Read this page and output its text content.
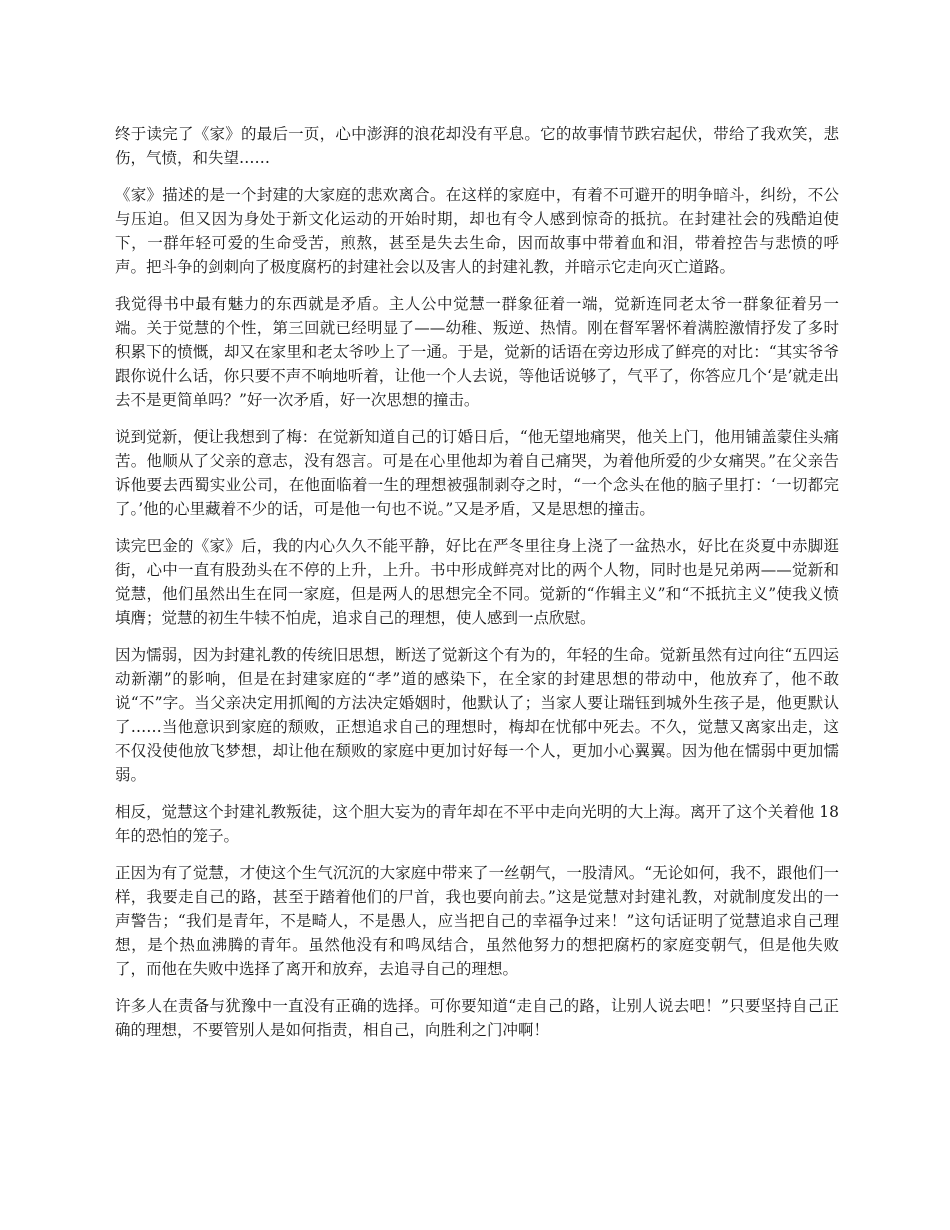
终于读完了《家》的最后一页，心中澎湃的浪花却没有平息。它的故事情节跌宕起伏，带给了我欢笑，悲伤，气愤，和失望……

《家》描述的是一个封建的大家庭的悲欢离合。在这样的家庭中，有着不可避开的明争暗斗，纠纷，不公与压迫。但又因为身处于新文化运动的开始时期，却也有令人感到惊奇的抵抗。在封建社会的残酷迫使下，一群年轻可爱的生命受苦，煎熬，甚至是失去生命，因而故事中带着血和泪，带着控告与悲愤的呼声。把斗争的剑刺向了极度腐朽的封建社会以及害人的封建礼教，并暗示它走向灭亡道路。

我觉得书中最有魅力的东西就是矛盾。主人公中觉慧一群象征着一端，觉新连同老太爷一群象征着另一端。关于觉慧的个性，第三回就已经明显了——幼稚、叛逆、热情。刚在督军署怀着满腔激情抒发了多时积累下的愤慨，却又在家里和老太爷吵上了一通。于是，觉新的话语在旁边形成了鲜亮的对比：“其实爷爷跟你说什么话，你只要不声不响地听着，让他一个人去说，等他话说够了，气平了，你答应几个‘是’就走出去不是更简单吗？”好一次矛盾，好一次思想的撞击。

说到觉新，便让我想到了梅：在觉新知道自己的订婚日后，“他无望地痛哭，他关上门，他用铺盖蒙住头痛苦。他顺从了父亲的意志，没有怨言。可是在心里他却为着自己痛哭，为着他所爱的少女痛哭。”在父亲告诉他要去西蜀实业公司，在他面临着一生的理想被强制剥夺之时，“一个念头在他的脑子里打：‘一切都完了。’他的心里藏着不少的话，可是他一句也不说。”又是矛盾，又是思想的撞击。

读完巴金的《家》后，我的内心久久不能平静，好比在严冬里往身上浇了一盆热水，好比在炎夏中赤脚逛街，心中一直有股劲头在不停的上升，上升。书中形成鲜亮对比的两个人物，同时也是兄弟两——觉新和觉慧，他们虽然出生在同一家庭，但是两人的思想完全不同。觉新的“作辑主义”和“不抵抗主义”使我义愤填膺；觉慧的初生牛犊不怕虎，追求自己的理想，使人感到一点欣慰。

因为懦弱，因为封建礼教的传统旧思想，断送了觉新这个有为的，年轻的生命。觉新虽然有过向往“五四运动新潮”的影响，但是在封建家庭的“孝”道的感染下，在全家的封建思想的带动中，他放弃了，他不敢说“不”字。当父亲决定用抓阄的方法决定婚姻时，他默认了；当家人要让瑞钰到城外生孩子是，他更默认了……当他意识到家庭的颓败，正想追求自己的理想时，梅却在忧郁中死去。不久，觉慧又离家出走，这不仅没使他放飞梦想，却让他在颓败的家庭中更加讨好每一个人，更加小心翼翼。因为他在懦弱中更加懦弱。

相反，觉慧这个封建礼教叛徒，这个胆大妄为的青年却在不平中走向光明的大上海。离开了这个关着他 18 年的恐怕的笼子。

正因为有了觉慧，才使这个生气沉沉的大家庭中带来了一丝朝气，一股清风。“无论如何，我不，跟他们一样，我要走自己的路，甚至于踏着他们的尸首，我也要向前去。”这是觉慧对封建礼教，对就制度发出的一声警告；“我们是青年，不是畸人，不是愚人，应当把自己的幸福争过来！”这句话证明了觉慧追求自己理想，是个热血沸腾的青年。虽然他没有和鸣凤结合，虽然他努力的想把腐朽的家庭变朝气，但是他失败了，而他在失败中选择了离开和放弃，去追寻自己的理想。

许多人在责备与犹豫中一直没有正确的选择。可你要知道“走自己的路，让别人说去吧！”只要坚持自己正确的理想，不要管别人是如何指责，相自己，向胜利之门冲啊！
